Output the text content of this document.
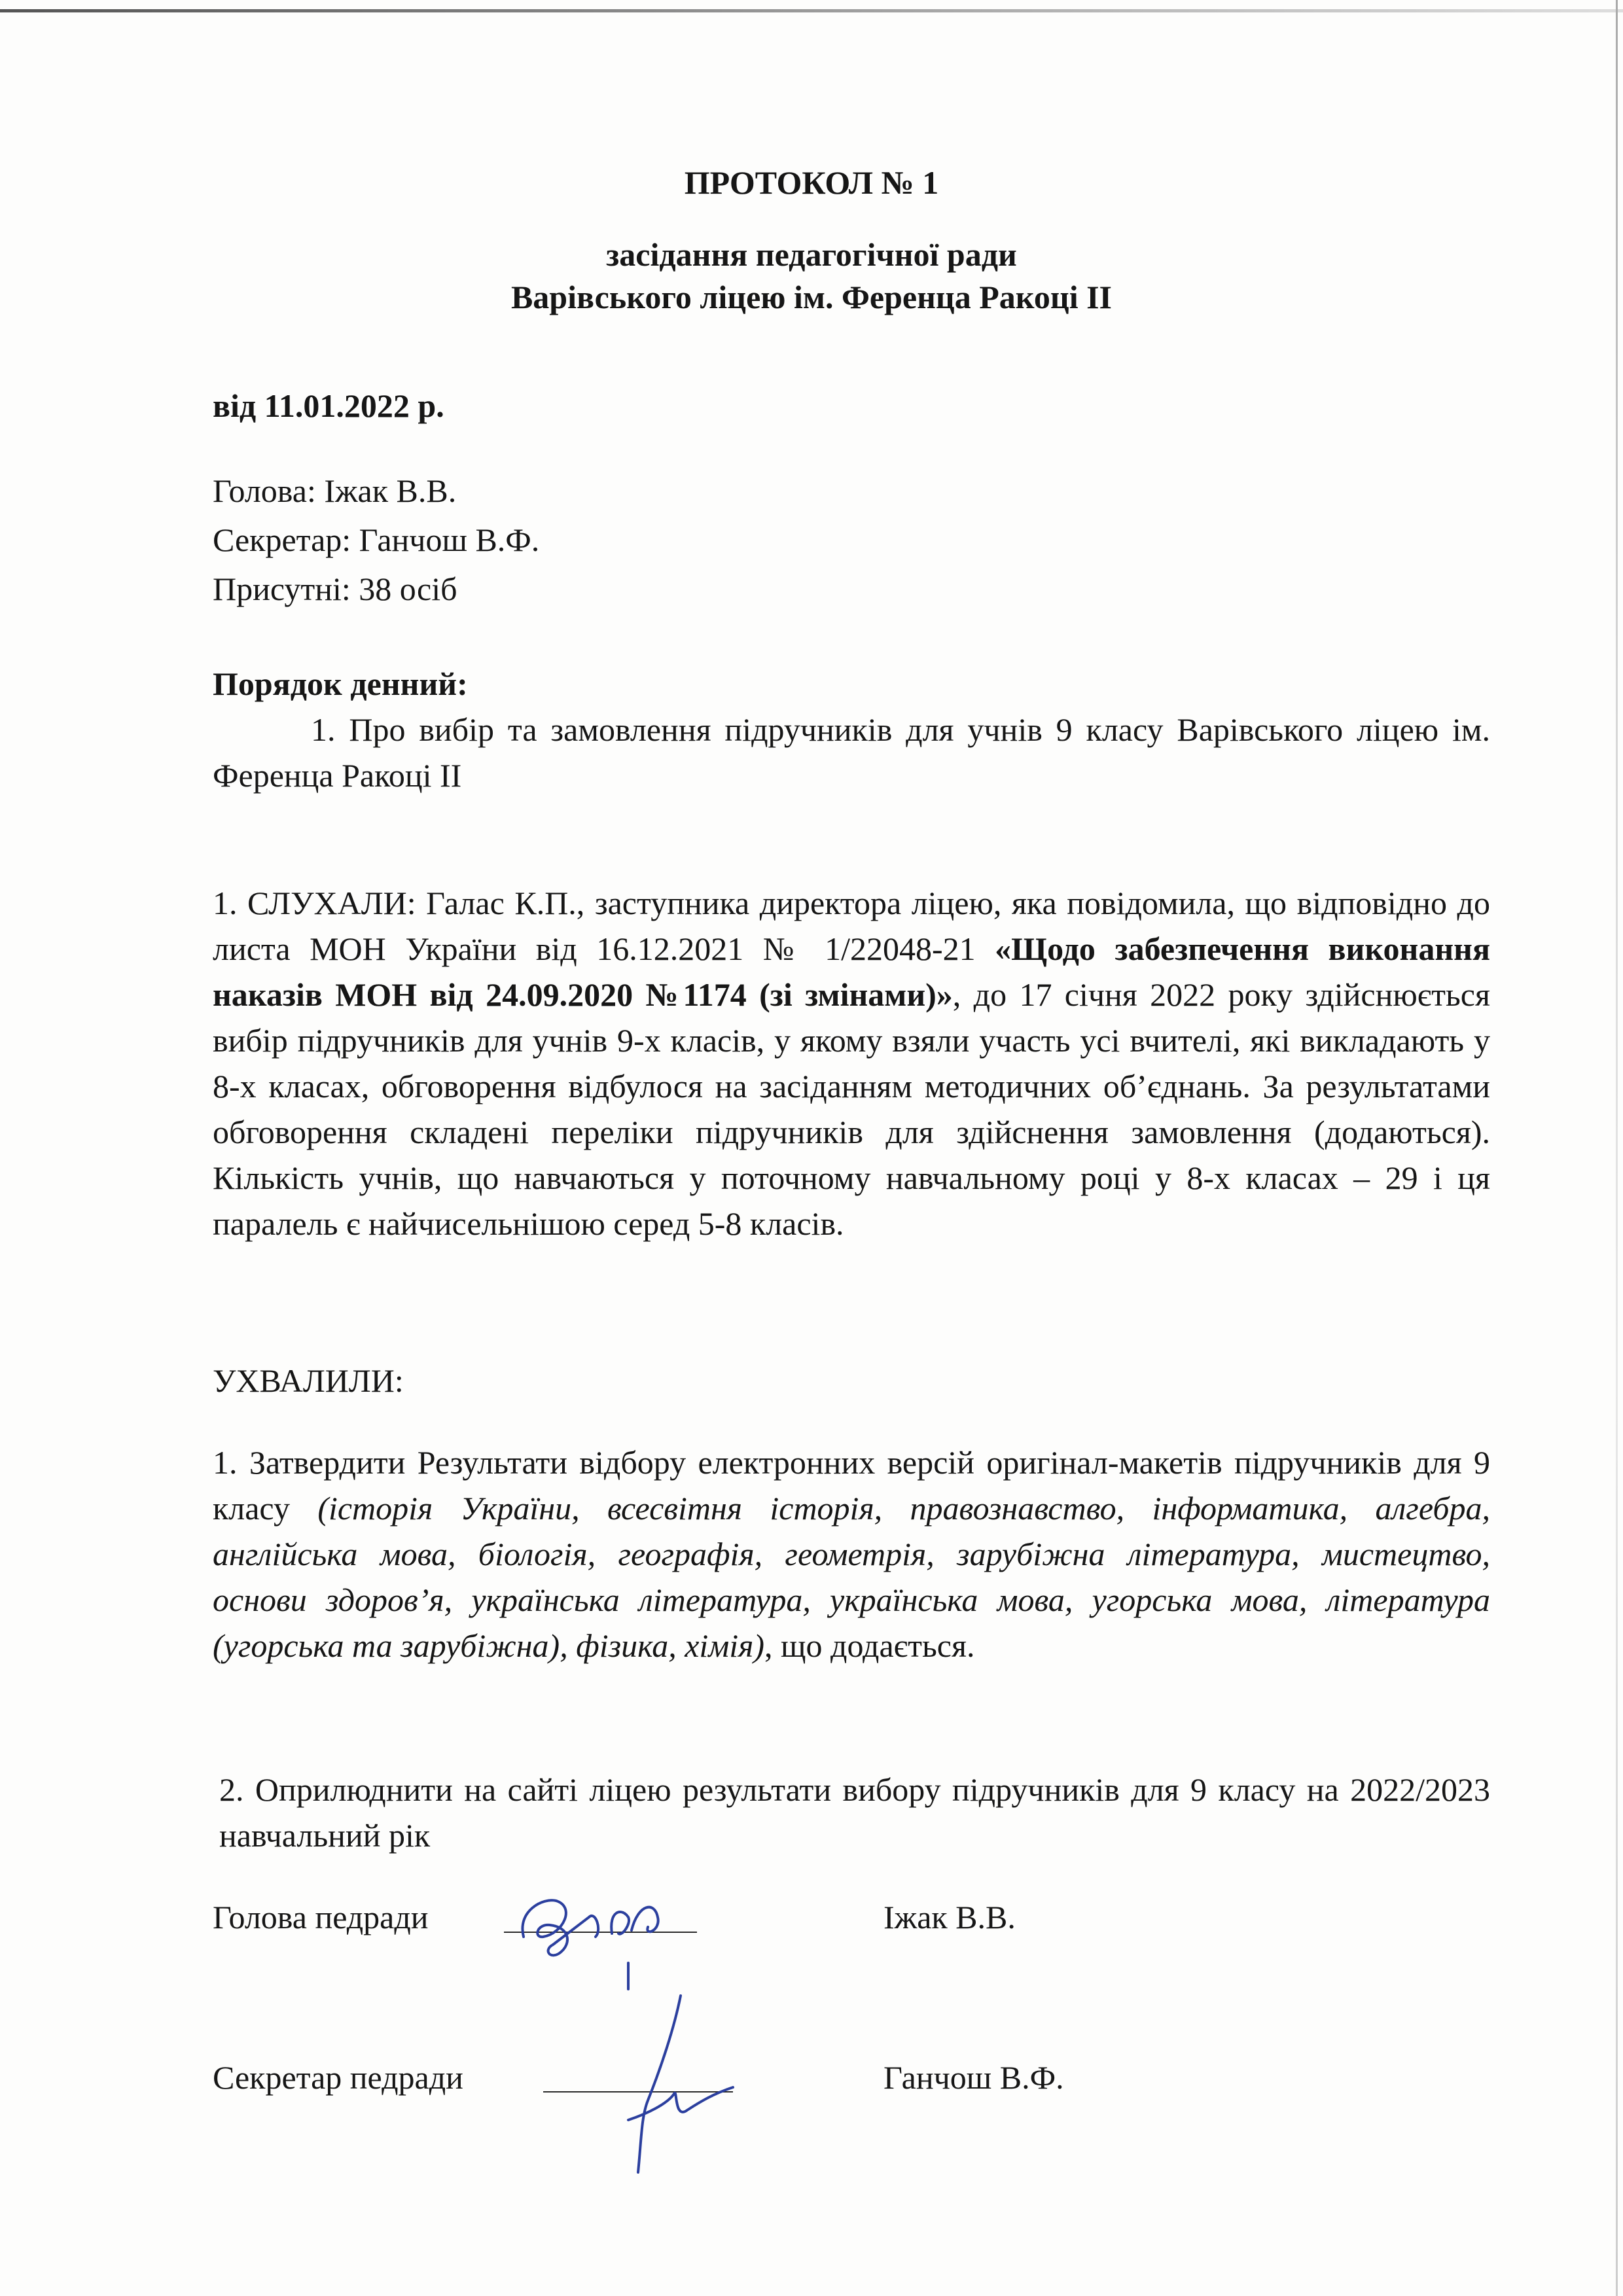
ПРОТОКОЛ № 1
засідання педагогічної ради
Варівського ліцею ім. Ференца Ракоці ІІ
від 11.01.2022 р.
Голова: Іжак В.В.
Секретар: Ганчош В.Ф.
Присутні: 38 осіб
Порядок денний:

1. Про вибір та замовлення підручників для учнів 9 класу Варівського ліцею ім. Ференца Ракоці ІІ

1. СЛУХАЛИ: Галас К.П., заступника директора ліцею, яка повідомила, що відповідно до листа МОН України від 16.12.2021 № 1/22048-21 «Щодо забезпечення виконання наказів МОН від 24.09.2020 №1174 (зі змінами)», до 17 січня 2022 року здійснюється вибір підручників для учнів 9-х класів, у якому взяли участь усі вчителі, які викладають у 8-х класах, обговорення відбулося на засіданням методичних об’єднань. За результатами обговорення складені переліки підручників для здійснення замовлення (додаються). Кількість учнів, що навчаються у поточному навчальному році у 8-х класах – 29 і ця паралель є найчисельнішою серед 5-8 класів.

УХВАЛИЛИ:

1. Затвердити Результати відбору електронних версій оригінал-макетів підручників для 9 класу (історія України, всесвітня історія, правознавство, інформатика, алгебра, англійська мова, біологія, географія, геометрія, зарубіжна література, мистецтво, основи здоров’я, українська література, українська мова, угорська мова, література (угорська та зарубіжна), фізика, хімія), що додається.

2. Оприлюднити на сайті ліцею результати вибору підручників для 9 класу на 2022/2023 навчальний рік

Голова педради	Іжак В.В.
Секретар педради	Ганчош В.Ф.
